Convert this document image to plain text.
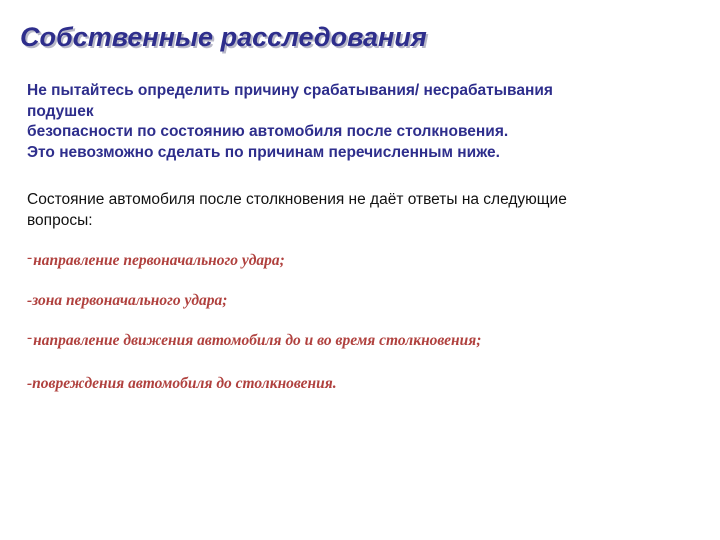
Собственные расследования

Не пытайтесь определить причину срабатывания/ несрабатывания
подушек
безопасности по состоянию автомобиля после столкновения.
Это невозможно сделать по причинам перечисленным ниже.

Состояние автомобиля после столкновения не даёт ответы на следующие
вопросы:

-направление первоначального удара;

-зона первоначального удара;

-направление движения автомобиля до и во время столкновения;

-повреждения автомобиля до столкновения.
